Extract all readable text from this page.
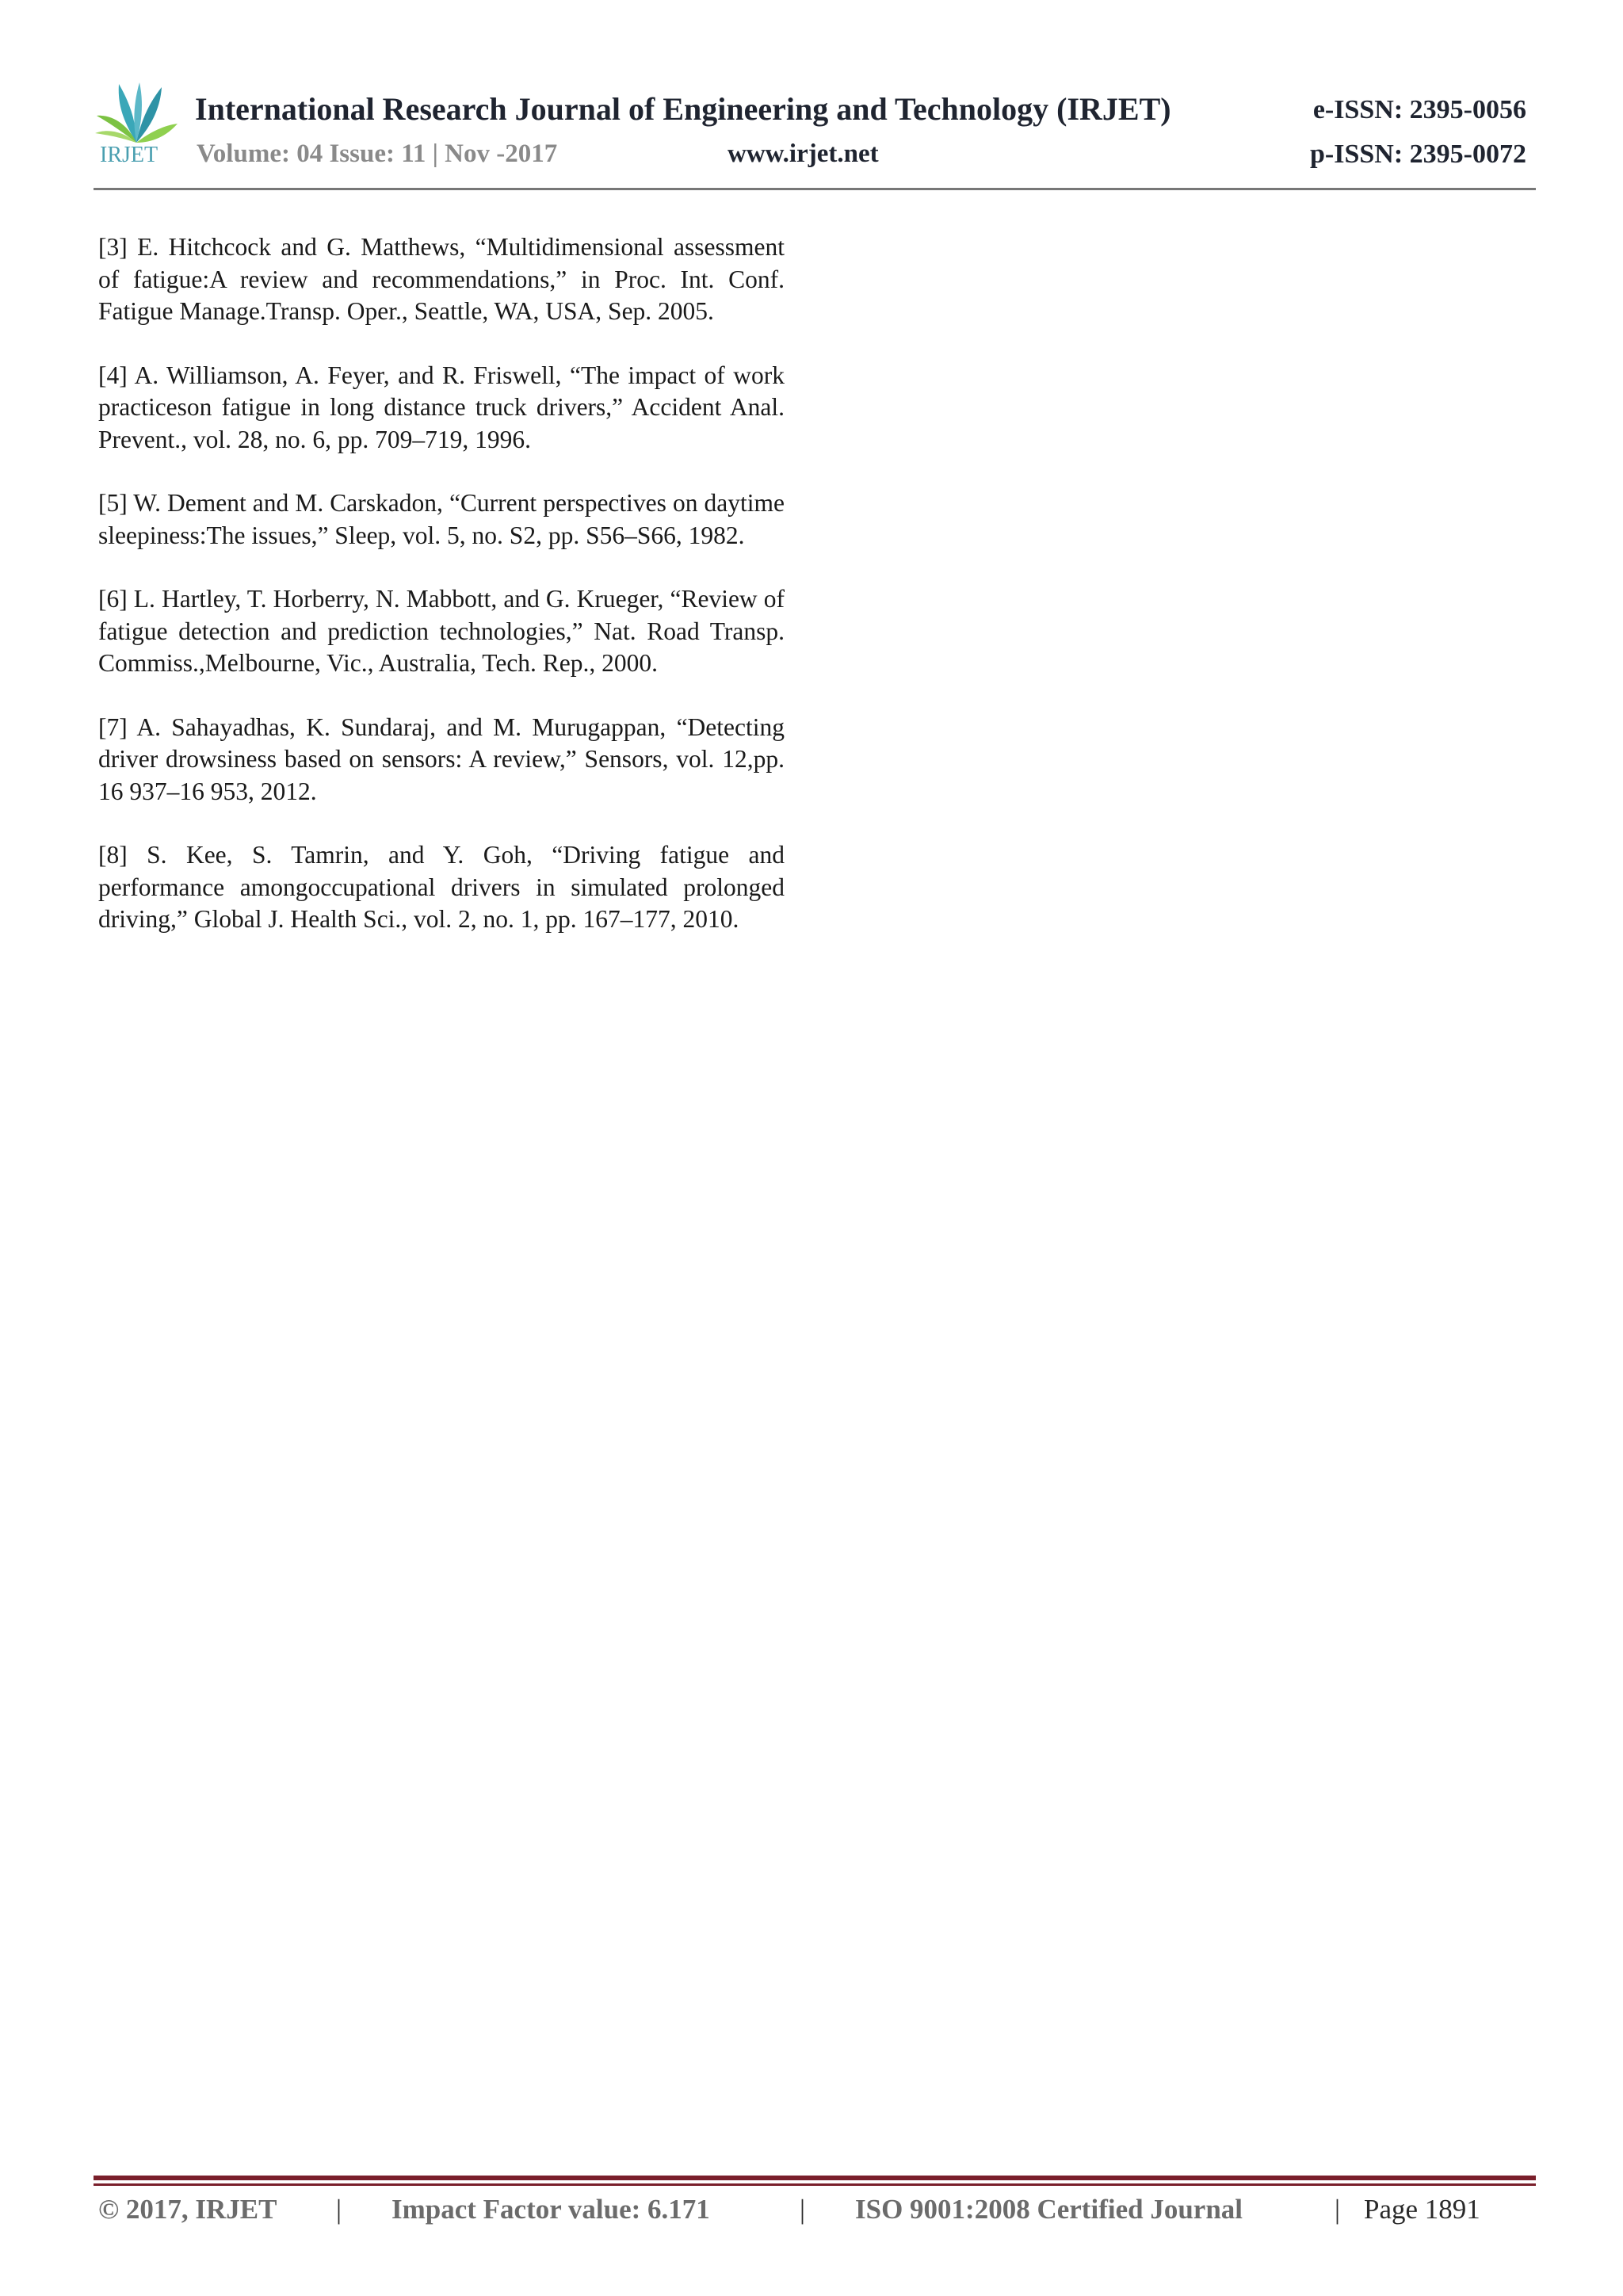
IRJET
International Research Journal of Engineering and Technology (IRJET)	e-ISSN: 2395-0056
Volume: 04 Issue: 11 | Nov -2017	www.irjet.net	p-ISSN: 2395-0072

[3] E. Hitchcock and G. Matthews, “Multidimensional assessment of fatigue:A review and recommendations,” in Proc. Int. Conf. Fatigue Manage.Transp. Oper., Seattle, WA, USA, Sep. 2005.

[4] A. Williamson, A. Feyer, and R. Friswell, “The impact of work practiceson fatigue in long distance truck drivers,” Accident Anal. Prevent., vol. 28, no. 6, pp. 709–719, 1996.

[5] W. Dement and M. Carskadon, “Current perspectives on daytime sleepiness:The issues,” Sleep, vol. 5, no. S2, pp. S56–S66, 1982.

[6] L. Hartley, T. Horberry, N. Mabbott, and G. Krueger, “Review of fatigue detection and prediction technologies,” Nat. Road Transp. Commiss.,Melbourne, Vic., Australia, Tech. Rep., 2000.

[7] A. Sahayadhas, K. Sundaraj, and M. Murugappan, “Detecting driver drowsiness based on sensors: A review,” Sensors, vol. 12,pp. 16 937–16 953, 2012.

[8] S. Kee, S. Tamrin, and Y. Goh, “Driving fatigue and performance amongoccupational drivers in simulated prolonged driving,” Global J. Health Sci., vol. 2, no. 1, pp. 167–177, 2010.

© 2017, IRJET | Impact Factor value: 6.171	| ISO 9001:2008 Certified Journal	| Page 1891
